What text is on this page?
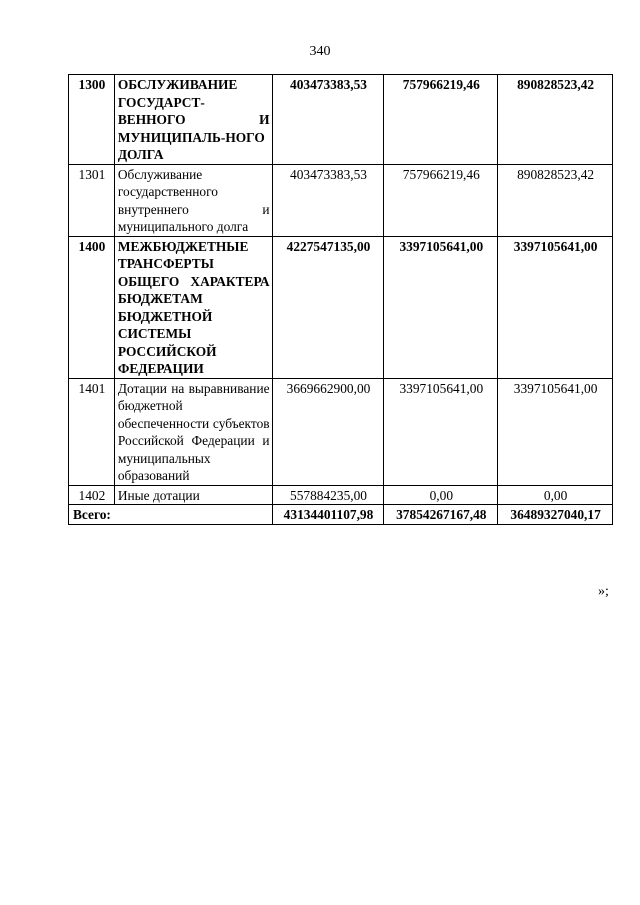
340
1300	ОБСЛУЖИВАНИЕ ГОСУДАРСТ-ВЕННОГО И МУНИЦИПАЛЬ-НОГО ДОЛГА	403473383,53	757966219,46	890828523,42
1301	Обслуживание государственного внутреннего и муниципального долга	403473383,53	757966219,46	890828523,42
1400	МЕЖБЮДЖЕТНЫЕ ТРАНСФЕРТЫ ОБЩЕГО ХАРАКТЕРА БЮДЖЕТАМ БЮДЖЕТНОЙ СИСТЕМЫ РОССИЙСКОЙ ФЕДЕРАЦИИ	4227547135,00	3397105641,00	3397105641,00
1401	Дотации на выравнивание бюджетной обеспеченности субъектов Российской Федерации и муниципальных образований	3669662900,00	3397105641,00	3397105641,00
1402	Иные дотации	557884235,00	0,00	0,00
Всего:		43134401107,98	37854267167,48	36489327040,17
»;
